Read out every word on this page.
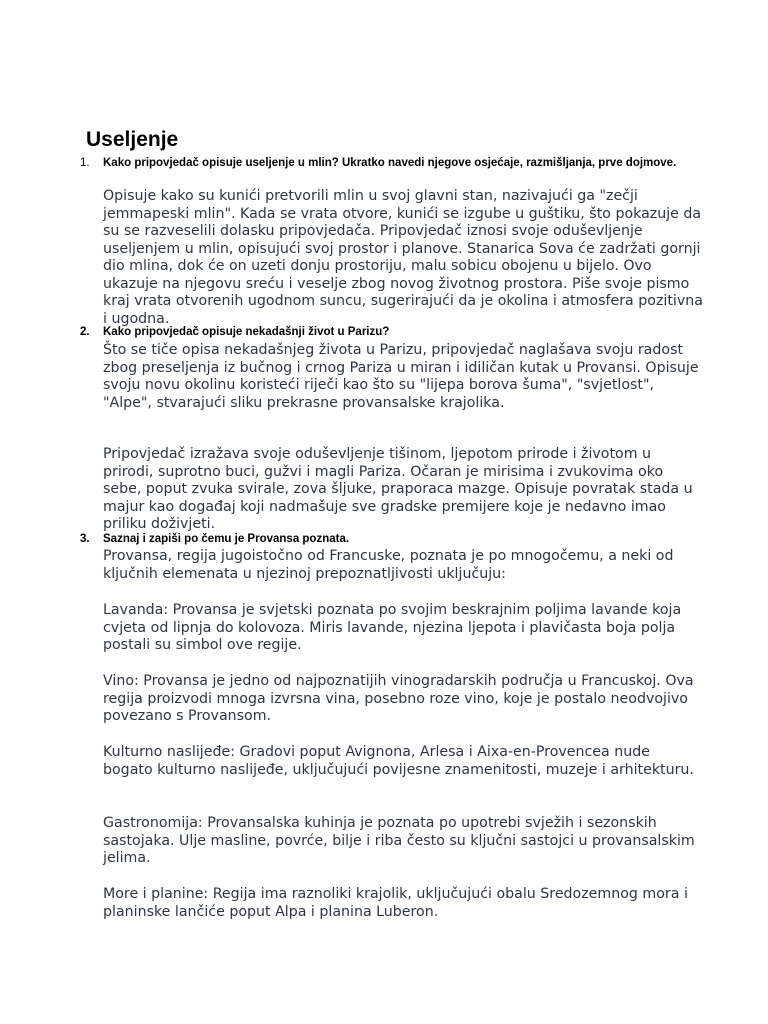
Useljenje
1. Kako pripovjedač opisuje useljenje u mlin? Ukratko navedi njegove osjećaje, razmišljanja, prve dojmove.

Opisuje kako su kunići pretvorili mlin u svoj glavni stan, nazivajući ga "zečji jemmapeski mlin". Kada se vrata otvore, kunići se izgube u guštiku, što pokazuje da su se razveselili dolasku pripovjedača. Pripovjedač iznosi svoje oduševljenje useljenjem u mlin, opisujući svoj prostor i planove. Stanarica Sova će zadržati gornji dio mlina, dok će on uzeti donju prostoriju, malu sobicu obojenu u bijelo. Ovo ukazuje na njegovu sreću i veselje zbog novog životnog prostora. Piše svoje pismo kraj vrata otvorenih ugodnom suncu, sugerirajući da je okolina i atmosfera pozitivna i ugodna.

2. Kako pripovjedač opisuje nekadašnji život u Parizu?

Što se tiče opisa nekadašnjeg života u Parizu, pripovjedač naglašava svoju radost zbog preseljenja iz bučnog i crnog Pariza u miran i idiličan kutak u Provansi. Opisuje svoju novu okolinu koristeći riječi kao što su "lijepa borova šuma", "svjetlost", "Alpe", stvarajući sliku prekrasne provansalske krajolika.

Pripovjedač izražava svoje oduševljenje tišinom, ljepotom prirode i životom u prirodi, suprotno buci, gužvi i magli Pariza. Očaran je mirisima i zvukovima oko sebe, poput zvuka svirale, zova šljuke, praporaca mazge. Opisuje povratak stada u majur kao događaj koji nadmašuje sve gradske premijere koje je nedavno imao priliku doživjeti.

3. Saznaj i zapiši po čemu je Provansa poznata.

Provansa, regija jugoistočno od Francuske, poznata je po mnogočemu, a neki od ključnih elemenata u njezinoj prepoznatljivosti uključuju:

Lavanda: Provansa je svjetski poznata po svojim beskrajnim poljima lavande koja cvjeta od lipnja do kolovoza. Miris lavande, njezina ljepota i plavičasta boja polja postali su simbol ove regije.

Vino: Provansa je jedno od najpoznatijih vinogradarskih područja u Francuskoj. Ova regija proizvodi mnoga izvrsna vina, posebno roze vino, koje je postalo neodvojivo povezano s Provansom.

Kulturno naslijeđe: Gradovi poput Avignona, Arlesa i Aixa-en-Provencea nude bogato kulturno naslijeđe, uključujući povijesne znamenitosti, muzeje i arhitekturu.

Gastronomija: Provansalska kuhinja je poznata po upotrebi svježih i sezonskih sastojaka. Ulje masline, povrće, bilje i riba često su ključni sastojci u provansalskim jelima.

More i planine: Regija ima raznoliki krajolik, uključujući obalu Sredozemnog mora i planinske lančiće poput Alpa i planina Luberon.
